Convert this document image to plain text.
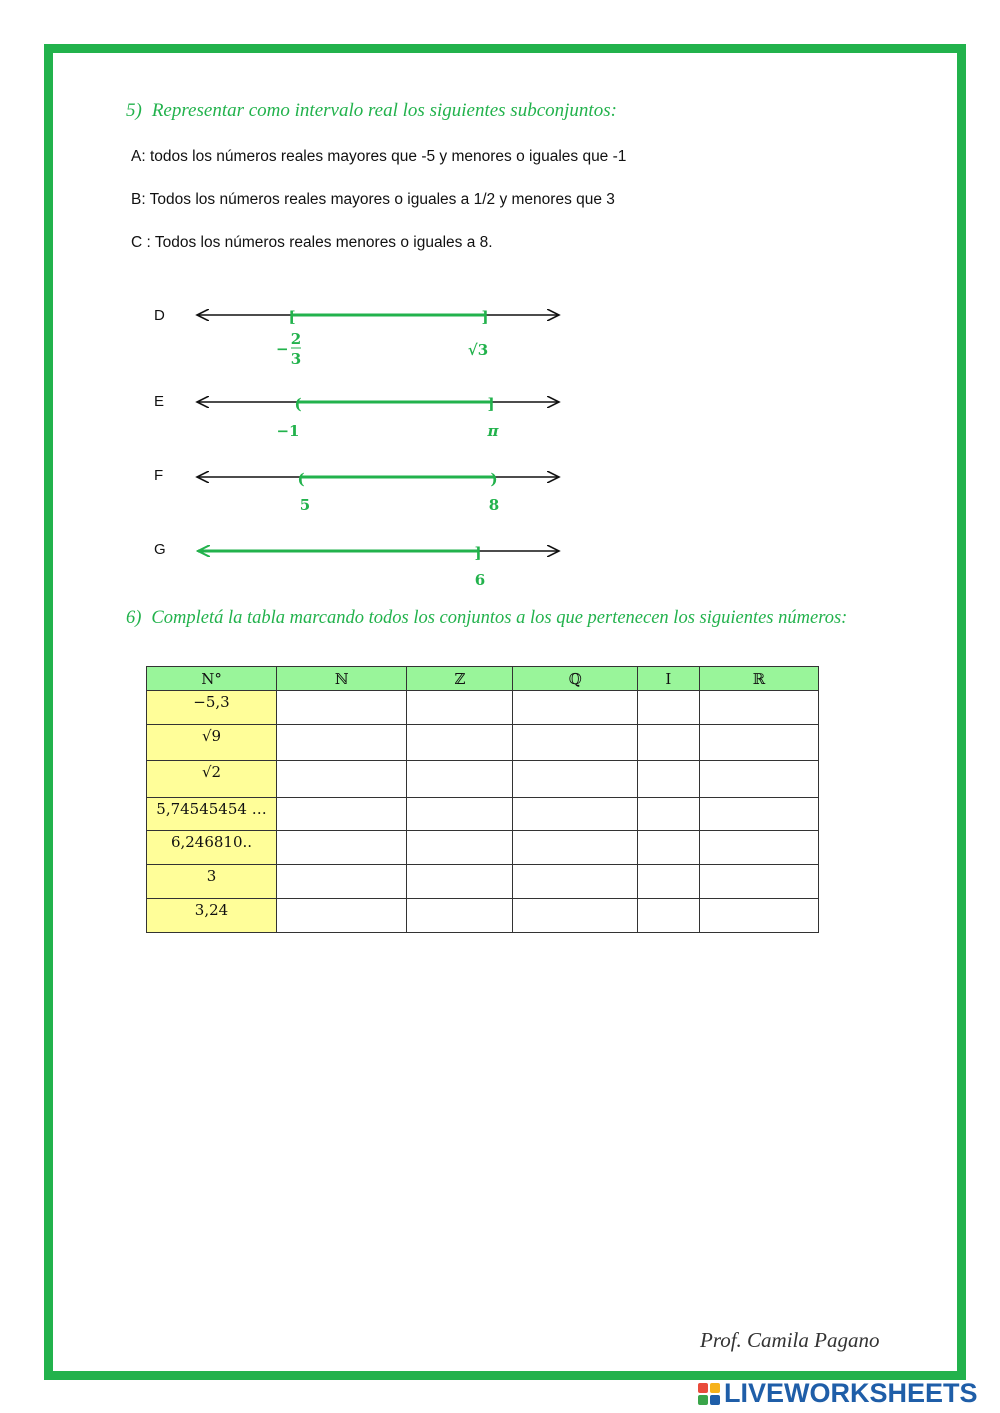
5) Representar como intervalo real los siguientes subconjuntos:
A: todos los números reales mayores que -5 y menores o iguales que -1
B: Todos los números reales mayores o iguales a 1/2 y menores que 3
C : Todos los números reales menores o iguales a 8.
D
E
F
G
[	]
−
2
3	√3
(	]
−1	π
(	)
5	8
]
6
6) Completá la tabla marcando todos los conjuntos a los que pertenecen los siguientes números:
N°	ℕ	ℤ	ℚ	I	ℝ
−5,3					
√9					
√2					
5,74545454 …					
6,246810..					
3					
3,24					
Prof. Camila Pagano
LIVEWORKSHEETS
